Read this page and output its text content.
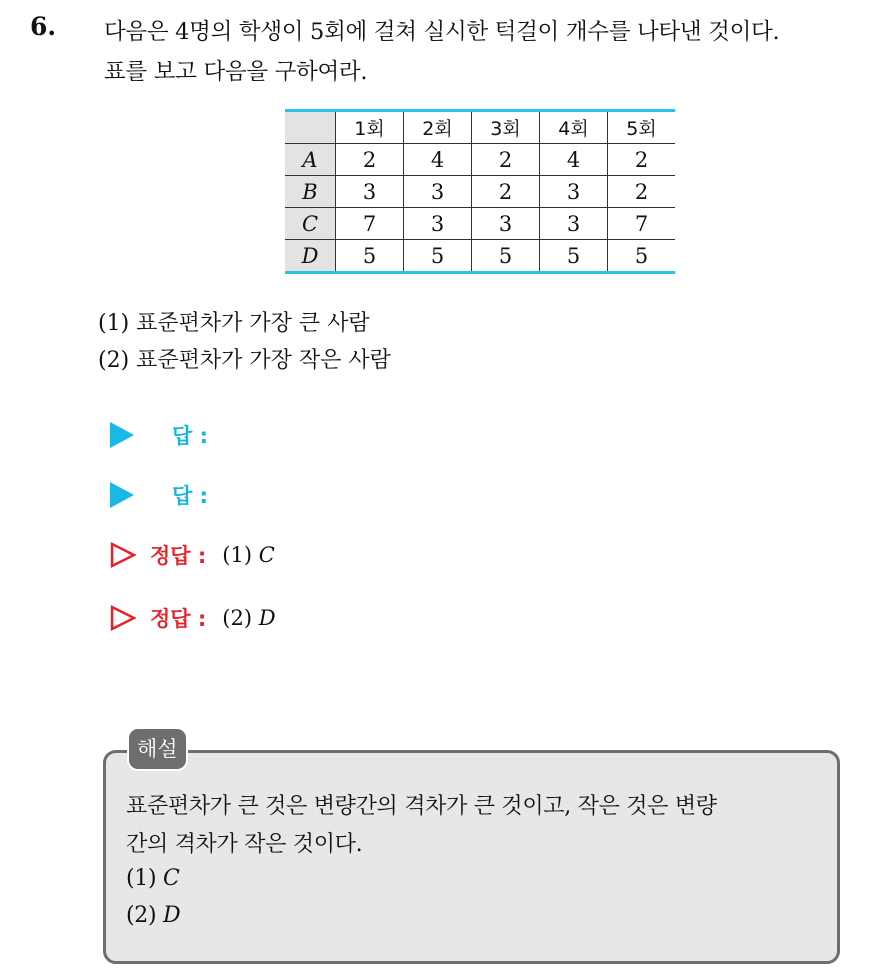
6. 다음은 4명의 학생이 5회에 걸쳐 실시한 턱걸이 개수를 나타낸 것이다.
표를 보고 다음을 구하여라.
	1회	2회	3회	4회	5회
A	2	4	2	4	2
B	3	3	2	3	2
C	7	3	3	3	7
D	5	5	5	5	5
(1) 표준편차가 가장 큰 사람
(2) 표준편차가 가장 작은 사람
답 :
답 :
정답 : (1) C
정답 : (2) D
해설
표준편차가 큰 것은 변량간의 격차가 큰 것이고, 작은 것은 변량
간의 격차가 작은 것이다.
(1) C
(2) D
